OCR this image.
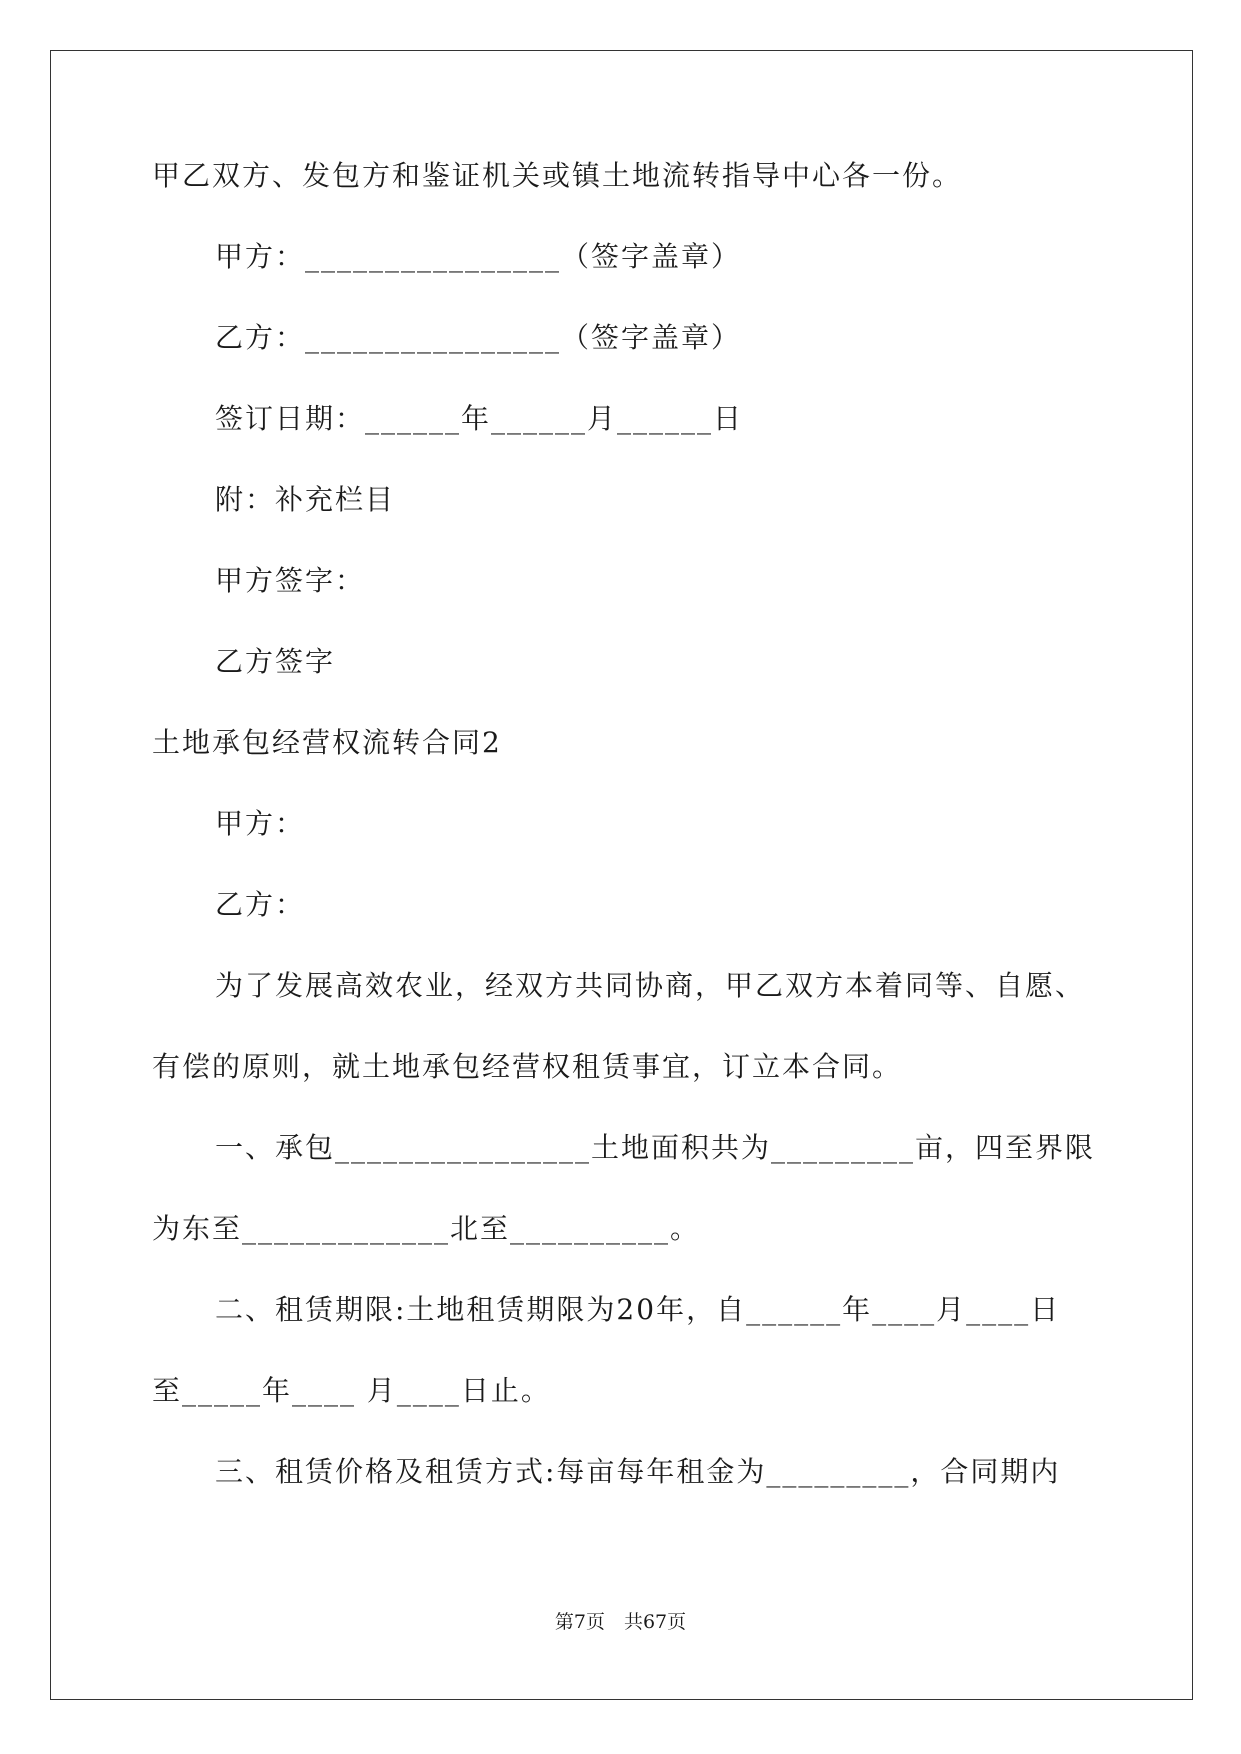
甲乙双方、发包方和鉴证机关或镇土地流转指导中心各一份。
甲方：________________（签字盖章）
乙方：________________（签字盖章）
签订日期：______年______月______日
附：补充栏目
甲方签字：
乙方签字
土地承包经营权流转合同2
甲方：
乙方：
为了发展高效农业，经双方共同协商，甲乙双方本着同等、自愿、
有偿的原则，就土地承包经营权租赁事宜，订立本合同。
一、承包________________土地面积共为_________亩，四至界限
为东至_____________北至__________。
二、租赁期限:土地租赁期限为20年，自______年____月____日
至_____年____ 月____日止。
三、租赁价格及租赁方式:每亩每年租金为_________，合同期内
第7页　共67页
